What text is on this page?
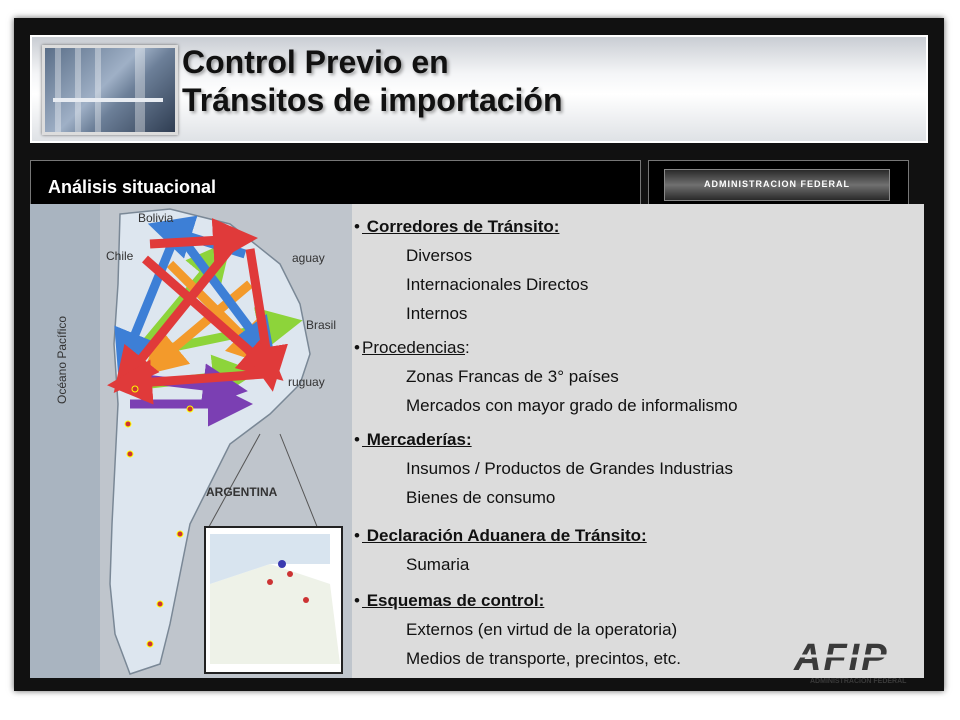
Control Previo en
Tránsitos de importación
Análisis situacional	ADMINISTRACION FEDERAL
Bolivia
Chile	aguay
Brasil
ruguay
ARGENTINA
Océano Pacífico
• Corredores de Tránsito:
Diversos
Internacionales Directos
Internos
• Procedencias:
Zonas Francas de 3° países
Mercados con mayor grado de informalismo
• Mercaderías:
Insumos / Productos de Grandes Industrias
Bienes de consumo
• Declaración Aduanera de Tránsito:
Sumaria
• Esquemas de control:
Externos (en virtud de la operatoria)
Medios de transporte, precintos, etc.	AFIP
ADMINISTRACION FEDERAL
